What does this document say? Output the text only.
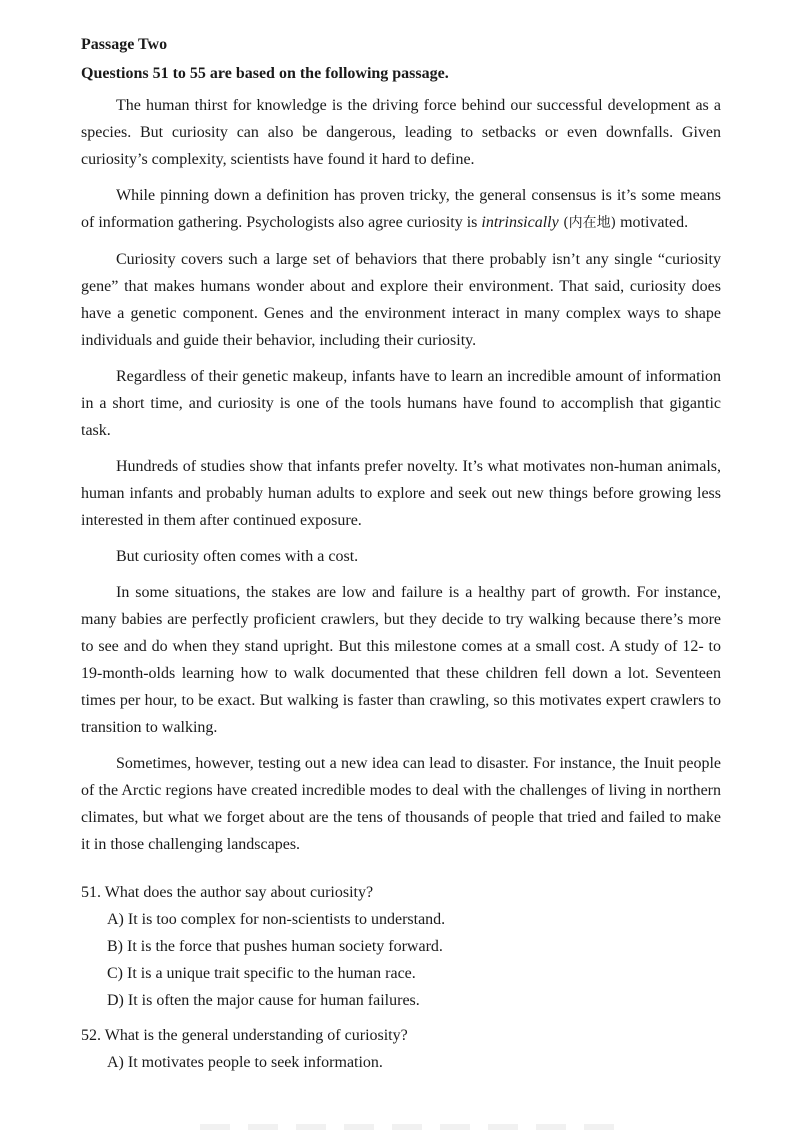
Passage Two

Questions 51 to 55 are based on the following passage.

The human thirst for knowledge is the driving force behind our successful development as a species. But curiosity can also be dangerous, leading to setbacks or even downfalls. Given curiosity’s complexity, scientists have found it hard to define.

While pinning down a definition has proven tricky, the general consensus is it’s some means of information gathering. Psychologists also agree curiosity is intrinsically (内在地) motivated.

Curiosity covers such a large set of behaviors that there probably isn’t any single “curiosity gene” that makes humans wonder about and explore their environment. That said, curiosity does have a genetic component. Genes and the environment interact in many complex ways to shape individuals and guide their behavior, including their curiosity.

Regardless of their genetic makeup, infants have to learn an incredible amount of information in a short time, and curiosity is one of the tools humans have found to accomplish that gigantic task.

Hundreds of studies show that infants prefer novelty. It’s what motivates non-human animals, human infants and probably human adults to explore and seek out new things before growing less interested in them after continued exposure.

But curiosity often comes with a cost.

In some situations, the stakes are low and failure is a healthy part of growth. For instance, many babies are perfectly proficient crawlers, but they decide to try walking because there’s more to see and do when they stand upright. But this milestone comes at a small cost. A study of 12- to 19-month-olds learning how to walk documented that these children fell down a lot. Seventeen times per hour, to be exact. But walking is faster than crawling, so this motivates expert crawlers to transition to walking.

Sometimes, however, testing out a new idea can lead to disaster. For instance, the Inuit people of the Arctic regions have created incredible modes to deal with the challenges of living in northern climates, but what we forget about are the tens of thousands of people that tried and failed to make it in those challenging landscapes.

51. What does the author say about curiosity?

A) It is too complex for non-scientists to understand.

B) It is the force that pushes human society forward.

C) It is a unique trait specific to the human race.

D) It is often the major cause for human failures.

52. What is the general understanding of curiosity?

A) It motivates people to seek information.
